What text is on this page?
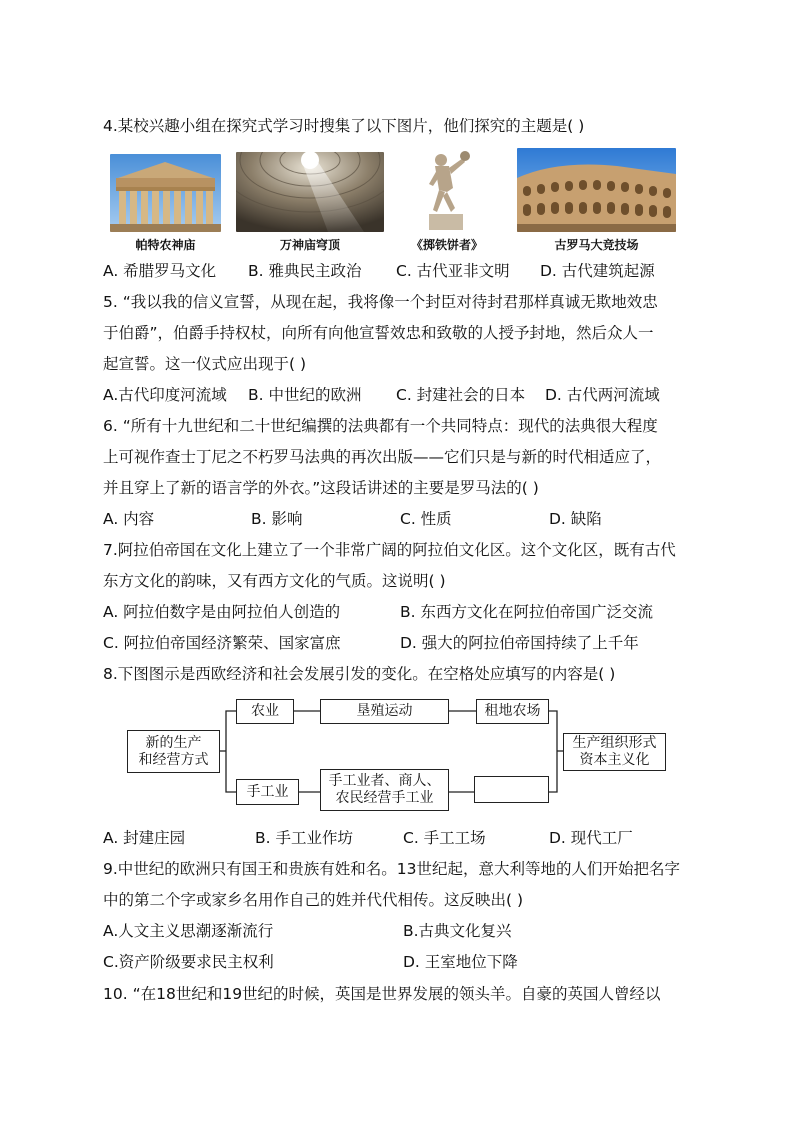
4.某校兴趣小组在探究式学习时搜集了以下图片，他们探究的主题是( )
帕特农神庙	万神庙穹顶	《掷铁饼者》	古罗马大竞技场
A. 希腊罗马文化 B. 雅典民主政治 C. 古代亚非文明 D. 古代建筑起源
5. “我以我的信义宣誓，从现在起，我将像一个封臣对待封君那样真诚无欺地效忠
于伯爵”，伯爵手持权杖，向所有向他宣誓效忠和致敬的人授予封地，然后众人一
起宣誓。这一仪式应出现于( )
A.古代印度河流域 B. 中世纪的欧洲 C. 封建社会的日本 D. 古代两河流域
6. “所有十九世纪和二十世纪编撰的法典都有一个共同特点：现代的法典很大程度
上可视作查士丁尼之不朽罗马法典的再次出版——它们只是与新的时代相适应了，
并且穿上了新的语言学的外衣。”这段话讲述的主要是罗马法的( )
A. 内容	B. 影响	C. 性质	D. 缺陷
7.阿拉伯帝国在文化上建立了一个非常广阔的阿拉伯文化区。这个文化区，既有古代
东方文化的韵味，又有西方文化的气质。这说明( )
A. 阿拉伯数字是由阿拉伯人创造的	B. 东西方文化在阿拉伯帝国广泛交流
C. 阿拉伯帝国经济繁荣、国家富庶	D. 强大的阿拉伯帝国持续了上千年
8.下图图示是西欧经济和社会发展引发的变化。在空格处应填写的内容是( )
新的生产
和经营方式
农业	垦殖运动	租地农场
手工业
手工业者、商人、
农民经营手工业
生产组织形式
资本主义化
A. 封建庄园	B. 手工业作坊	C. 手工工场	D. 现代工厂
9.中世纪的欧洲只有国王和贵族有姓和名。13世纪起，意大利等地的人们开始把名字
中的第二个字或家乡名用作自己的姓并代代相传。这反映出( )
A.人文主义思潮逐渐流行	B.古典文化复兴
C.资产阶级要求民主权利	D. 王室地位下降
10. “在18世纪和19世纪的时候，英国是世界发展的领头羊。自豪的英国人曾经以
